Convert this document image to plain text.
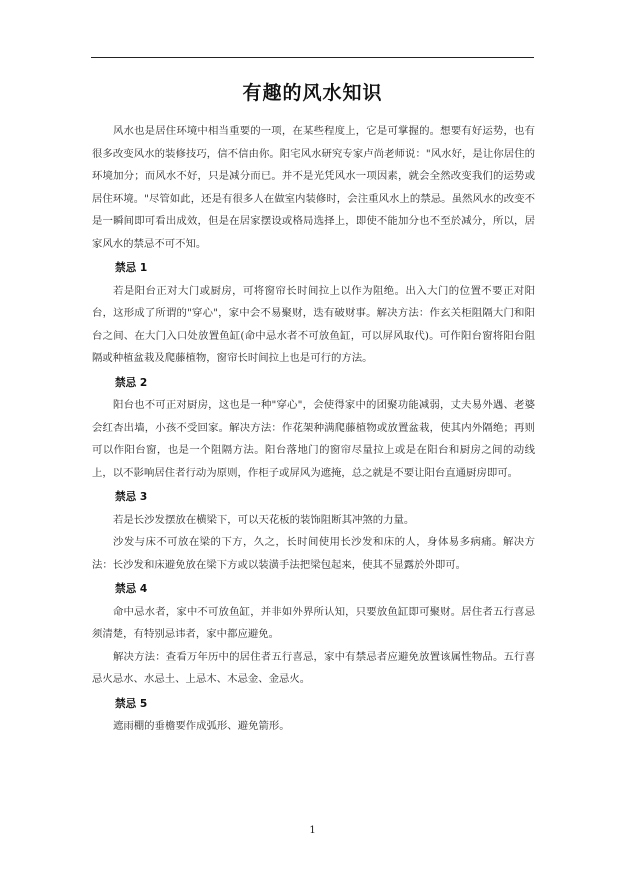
有趣的风水知识

风水也是居住环境中相当重要的一项，在某些程度上，它是可掌握的。想要有好运势，也有很多改变风水的装修技巧，信不信由你。阳宅风水研究专家卢尚老师说："风水好，是让你居住的环境加分；而风水不好，只是减分而已。并不是光凭风水一项因素，就会全然改变我们的运势或居住环境。"尽管如此，还是有很多人在做室内装修时，会注重风水上的禁忌。虽然风水的改变不是一瞬间即可看出成效，但是在居家摆设或格局选择上，即使不能加分也不至於减分，所以，居家风水的禁忌不可不知。

禁忌 1

若是阳台正对大门或厨房，可将窗帘长时间拉上以作为阻绝。出入大门的位置不要正对阳台，这形成了所谓的"穿心"，家中会不易聚财，迭有破财事。解决方法：作玄关柜阻隔大门和阳台之间、在大门入口处放置鱼缸(命中忌水者不可放鱼缸，可以屏风取代)。可作阳台窗将阳台阻隔或种植盆栽及爬藤植物，窗帘长时间拉上也是可行的方法。

禁忌 2

阳台也不可正对厨房，这也是一种"穿心"，会使得家中的团聚功能减弱，丈夫易外遇、老婆会红杏出墙，小孩不受回家。解决方法：作花架种满爬藤植物或放置盆栽，使其内外隔绝；再则可以作阳台窗，也是一个阻隔方法。阳台落地门的窗帘尽量拉上或是在阳台和厨房之间的动线上，以不影响居住者行动为原则，作柜子或屏风为遮掩，总之就是不要让阳台直通厨房即可。

禁忌 3

若是长沙发摆放在横梁下，可以天花板的装饰阻断其冲煞的力量。

沙发与床不可放在梁的下方，久之，长时间使用长沙发和床的人，身体易多病痛。解决方法：长沙发和床避免放在梁下方或以装潢手法把梁包起来，使其不显露於外即可。

禁忌 4

命中忌水者，家中不可放鱼缸，并非如外界所认知，只要放鱼缸即可聚财。居住者五行喜忌须清楚，有特别忌讳者，家中都应避免。

解决方法：查看万年历中的居住者五行喜忌，家中有禁忌者应避免放置该属性物品。五行喜忌火忌水、水忌土、上忌木、木忌金、金忌火。

禁忌 5

遮雨棚的垂檐要作成弧形、避免箭形。

1
